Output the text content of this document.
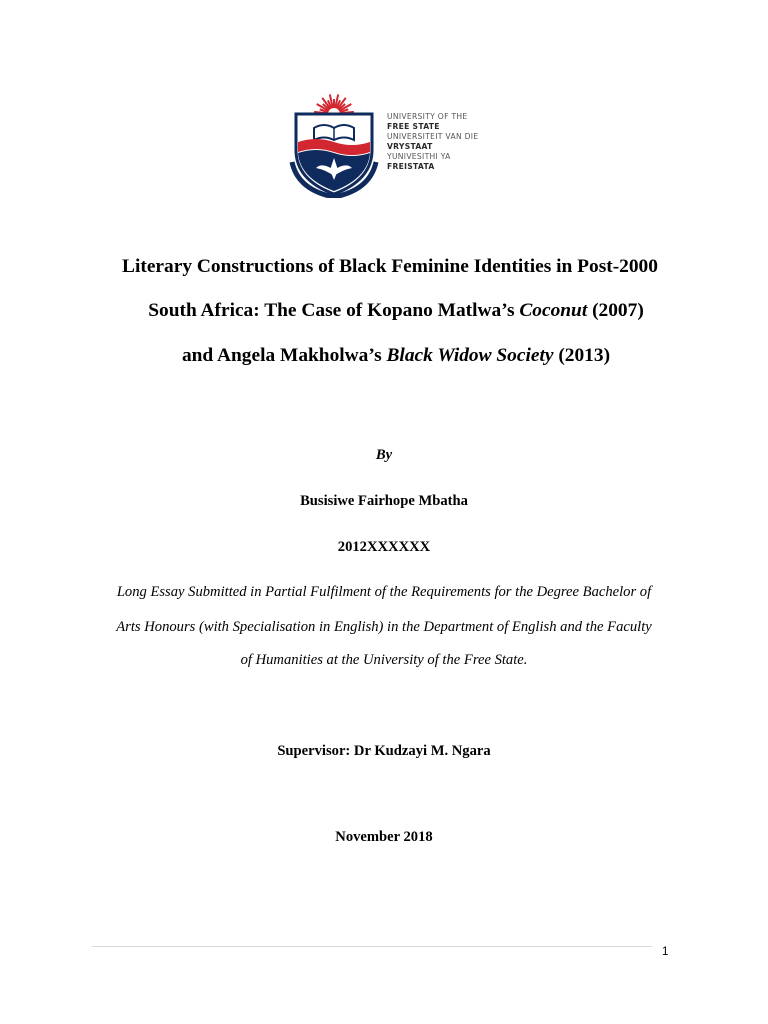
UNIVERSITY OF THE
FREE STATE
UNIVERSITEIT VAN DIE
VRYSTAAT
YUNIVESITHI YA
FREISTATA
Literary Constructions of Black Feminine Identities in Post-2000
South Africa: The Case of Kopano Matlwa’s Coconut (2007)
and Angela Makholwa’s Black Widow Society (2013)
By
Busisiwe Fairhope Mbatha
2012XXXXXX
Long Essay Submitted in Partial Fulfilment of the Requirements for the Degree Bachelor of
Arts Honours (with Specialisation in English) in the Department of English and the Faculty
of Humanities at the University of the Free State.
Supervisor: Dr Kudzayi M. Ngara
November 2018
1
